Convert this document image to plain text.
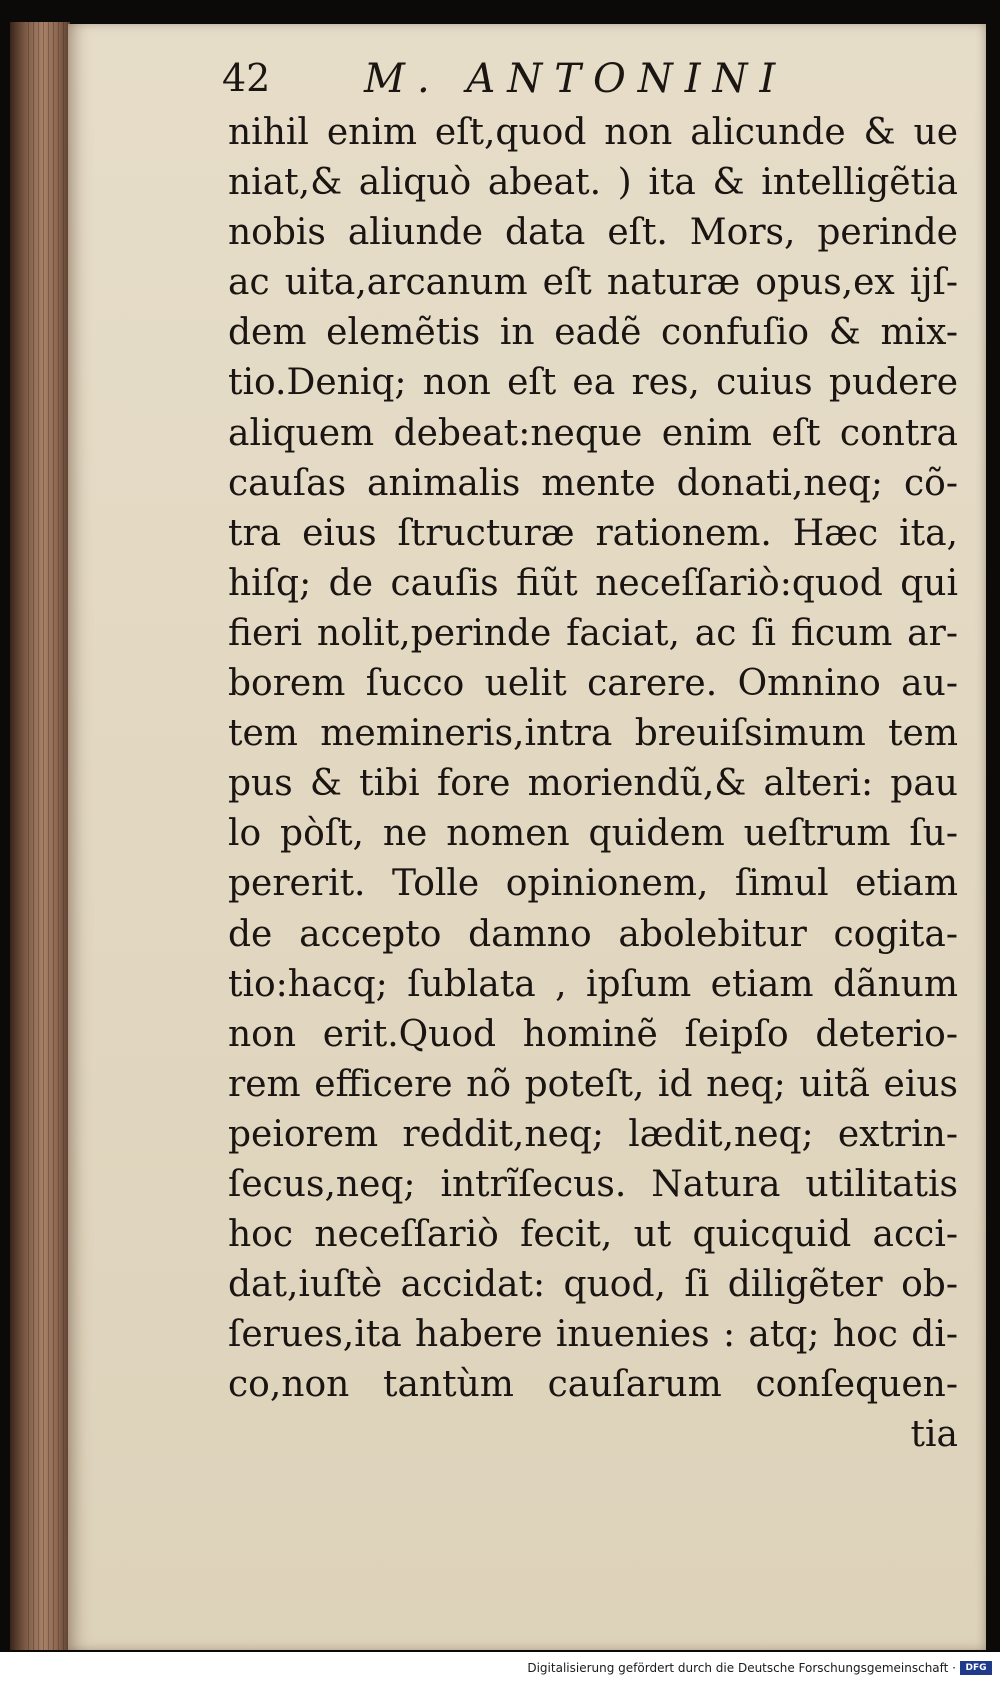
42 M. ANTONINI
nihil enim eſt,quod non alicunde & ue
niat,& aliquò abeat. ) ita & intelligẽtia
nobis aliunde data eſt. Mors, perinde
ac uita,arcanum eſt naturæ opus,ex ijſ-
dem elemẽtis in eadẽ confuſio & mix-
tio.Deniq; non eſt ea res, cuius pudere
aliquem debeat:neque enim eſt contra
cauſas animalis mente donati,neq; cõ-
tra eius ſtructuræ rationem. Hæc ita,
hiſq; de cauſis fiũt neceſſariò:quod qui
fieri nolit,perinde faciat, ac ſi ficum ar-
borem ſucco uelit carere. Omnino au-
tem memineris,intra breuiſsimum tem
pus & tibi fore moriendũ,& alteri: pau
lo pòſt, ne nomen quidem ueſtrum ſu-
pererit. Tolle opinionem, ſimul etiam
de accepto damno abolebitur cogita-
tio:hacq; ſublata , ipſum etiam dãnum
non erit.Quod hominẽ ſeipſo deterio-
rem efficere nõ poteſt, id neq; uitã eius
peiorem reddit,neq; lædit,neq; extrin-
ſecus,neq; intrĩſecus. Natura utilitatis
hoc neceſſariò fecit, ut quicquid acci-
dat,iuſtè accidat: quod, ſi diligẽter ob-
ſerues,ita habere inuenies : atq; hoc di-
co,non tantùm cauſarum conſequen-
tia
Digitalisierung gefördert durch die Deutsche Forschungsgemeinschaft ·	DFG
